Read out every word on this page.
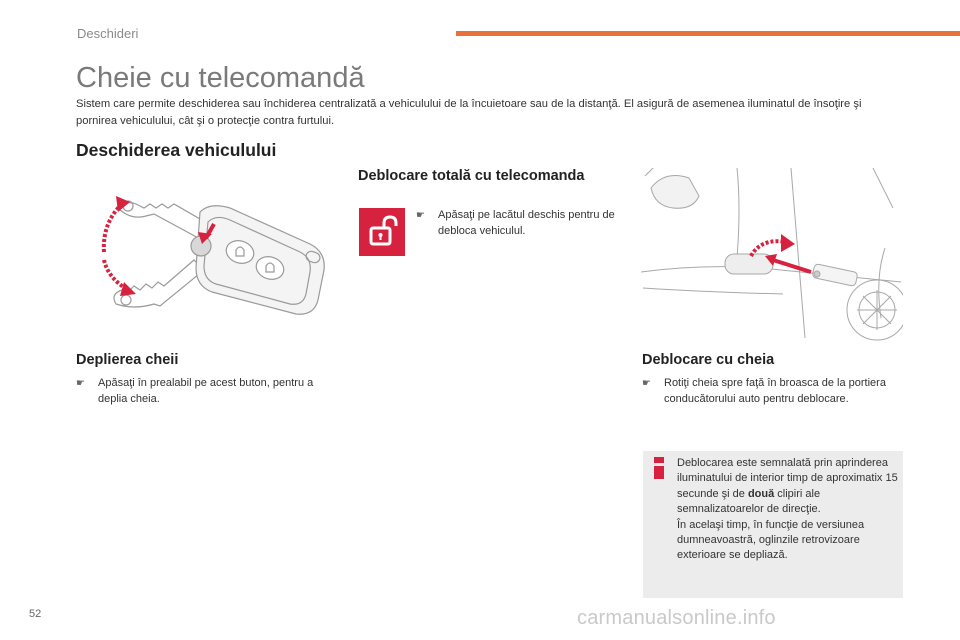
Deschideri
Cheie cu telecomandă
Sistem care permite deschiderea sau închiderea centralizată a vehiculului de la încuietoare sau de la distanţă. El asigură de asemenea iluminatul de însoţire şi pornirea vehiculului, cât şi o protecţie contra furtului.
Deschiderea vehiculului
Deplierea cheii
☛	Apăsaţi în prealabil pe acest buton, pentru a deplia cheia.
Deblocare totală cu telecomanda
☛	Apăsaţi pe lacătul deschis pentru de debloca vehiculul.
Deblocare cu cheia
☛	Rotiţi cheia spre faţă în broasca de la portiera conducătorului auto pentru deblocare.
Deblocarea este semnalată prin aprinderea iluminatului de interior timp de aproximatix 15 secunde şi de două clipiri ale semnalizatoarelor de direcţie.
În acelaşi timp, în funcţie de versiunea dumneavoastră, oglinzile retrovizoare exterioare se depliază.
52	carmanualsonline.info
